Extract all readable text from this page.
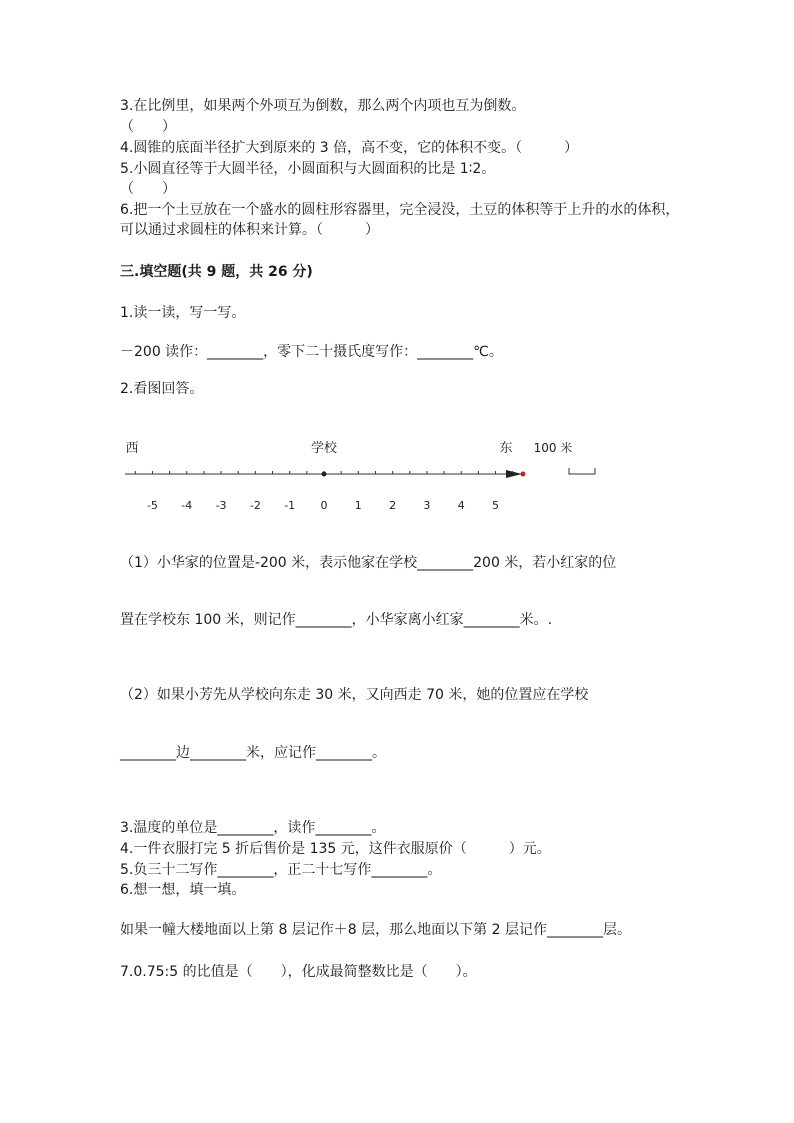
3.在比例里，如果两个外项互为倒数，那么两个内项也互为倒数。
（　　）
4.圆锥的底面半径扩大到原来的 3 倍，高不变，它的体积不变。（　　　）
5.小圆直径等于大圆半径，小圆面积与大圆面积的比是 1∶2。
（　　）
6.把一个土豆放在一个盛水的圆柱形容器里，完全浸没，土豆的体积等于上升的水的体积，可以通过求圆柱的体积来计算。（　　　）
三.填空题(共 9 题，共 26 分)
1.读一读，写一写。
－200 读作：________，零下二十摄氏度写作：________℃。
2.看图回答。
西	学校	东 100 米
-5 -4 -3 -2 -1 0 1 2 3 4 5
（1）小华家的位置是-200 米，表示他家在学校________200 米，若小红家的位
置在学校东 100 米，则记作________，小华家离小红家________米。.
（2）如果小芳先从学校向东走 30 米，又向西走 70 米，她的位置应在学校
________边________米，应记作________。
3.温度的单位是________，读作________。
4.一件衣服打完 5 折后售价是 135 元，这件衣服原价（　　　）元。
5.负三十二写作________，正二十七写作________。
6.想一想，填一填。
如果一幢大楼地面以上第 8 层记作＋8 层，那么地面以下第 2 层记作________层。
7.0.75:5 的比值是（　　），化成最简整数比是（　　）。
